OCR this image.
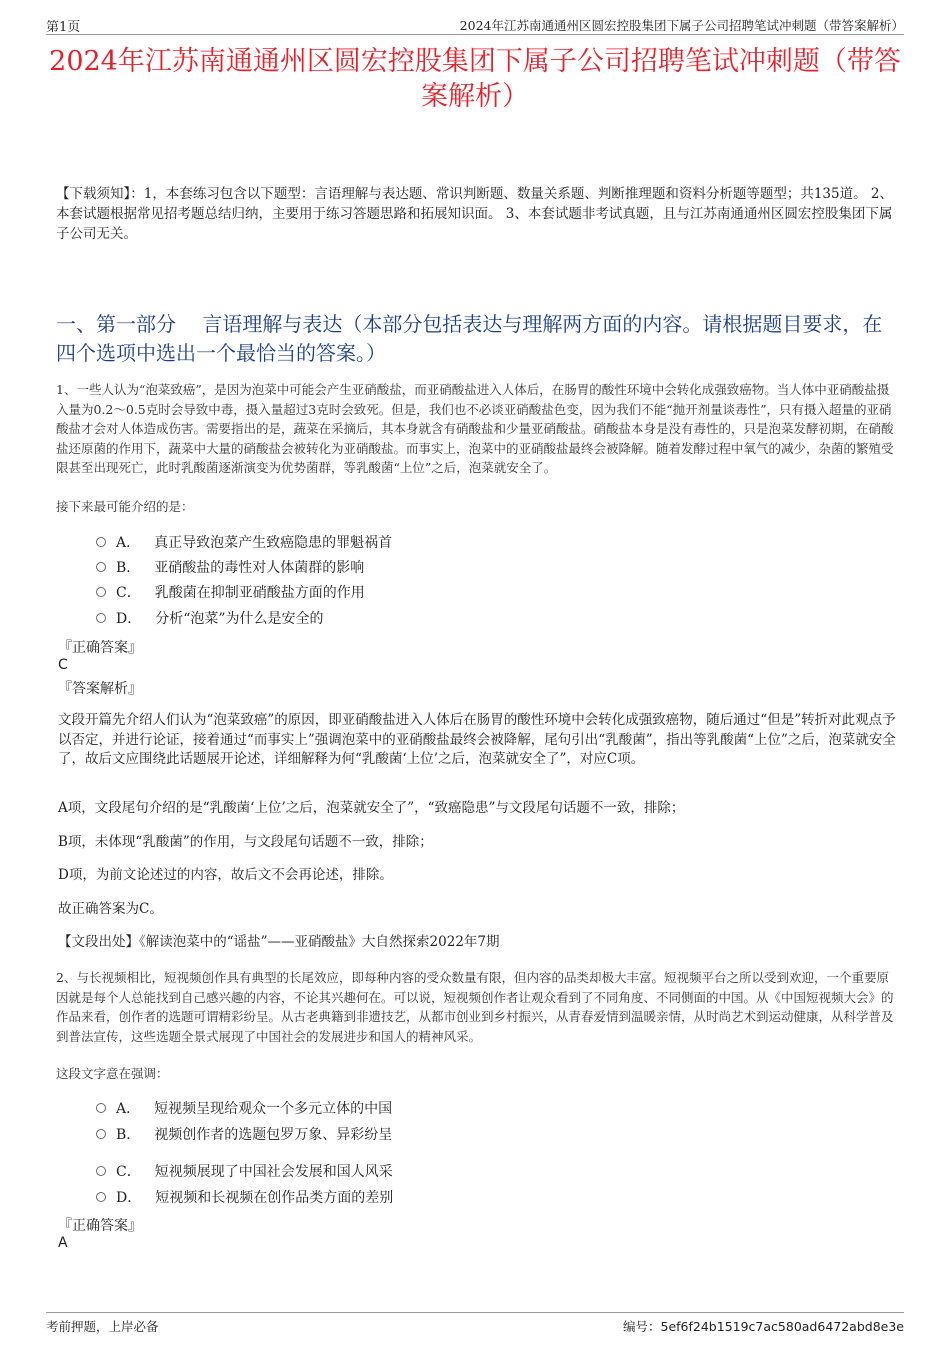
第1页	2024年江苏南通通州区圆宏控股集团下属子公司招聘笔试冲刺题（带答案解析）
2024年江苏南通通州区圆宏控股集团下属子公司招聘笔试冲刺题（带答案解析）
【下载须知】：1，本套练习包含以下题型：言语理解与表达题、常识判断题、数量关系题、判断推理题和资料分析题等题型；共135道。 2、本套试题根据常见招考题总结归纳，主要用于练习答题思路和拓展知识面。 3、本套试题非考试真题，且与江苏南通通州区圆宏控股集团下属子公司无关。
一、第一部分　 言语理解与表达（本部分包括表达与理解两方面的内容。请根据题目要求，在四个选项中选出一个最恰当的答案。）
1、一些人认为“泡菜致癌”，是因为泡菜中可能会产生亚硝酸盐，而亚硝酸盐进入人体后，在肠胃的酸性环境中会转化成强致癌物。当人体中亚硝酸盐摄入量为0.2～0.5克时会导致中毒，摄入量超过3克时会致死。但是，我们也不必谈亚硝酸盐色变，因为我们不能“抛开剂量谈毒性”，只有摄入超量的亚硝酸盐才会对人体造成伤害。需要指出的是，蔬菜在采摘后，其本身就含有硝酸盐和少量亚硝酸盐。硝酸盐本身是没有毒性的，只是泡菜发酵初期，在硝酸盐还原菌的作用下，蔬菜中大量的硝酸盐会被转化为亚硝酸盐。而事实上，泡菜中的亚硝酸盐最终会被降解。随着发酵过程中氧气的减少，杂菌的繁殖受限甚至出现死亡，此时乳酸菌逐渐演变为优势菌群，等乳酸菌“上位”之后，泡菜就安全了。
接下来最可能介绍的是：
A． 真正导致泡菜产生致癌隐患的罪魁祸首
B． 亚硝酸盐的毒性对人体菌群的影响
C． 乳酸菌在抑制亚硝酸盐方面的作用
D． 分析“泡菜”为什么是安全的
『正确答案』
C
『答案解析』
文段开篇先介绍人们认为“泡菜致癌”的原因，即亚硝酸盐进入人体后在肠胃的酸性环境中会转化成强致癌物，随后通过“但是”转折对此观点予以否定，并进行论证，接着通过“而事实上”强调泡菜中的亚硝酸盐最终会被降解，尾句引出“乳酸菌”，指出等乳酸菌“上位”之后，泡菜就安全了，故后文应围绕此话题展开论述，详细解释为何“乳酸菌‘上位’之后，泡菜就安全了”，对应C项。
A项，文段尾句介绍的是“乳酸菌‘上位’之后，泡菜就安全了”，“致癌隐患”与文段尾句话题不一致，排除；
B项，未体现“乳酸菌”的作用，与文段尾句话题不一致，排除；
D项，为前文论述过的内容，故后文不会再论述，排除。
故正确答案为C。
【文段出处】《解读泡菜中的“谣盐”——亚硝酸盐》大自然探索2022年7期
2、与长视频相比，短视频创作具有典型的长尾效应，即每种内容的受众数量有限，但内容的品类却极大丰富。短视频平台之所以受到欢迎，一个重要原因就是每个人总能找到自己感兴趣的内容，不论其兴趣何在。可以说，短视频创作者让观众看到了不同角度、不同侧面的中国。从《中国短视频大会》的作品来看，创作者的选题可谓精彩纷呈。从古老典籍到非遗技艺，从都市创业到乡村振兴，从青春爱情到温暖亲情，从时尚艺术到运动健康，从科学普及到普法宣传，这些选题全景式展现了中国社会的发展进步和国人的精神风采。
这段文字意在强调：
A． 短视频呈现给观众一个多元立体的中国
B． 视频创作者的选题包罗万象、异彩纷呈
C． 短视频展现了中国社会发展和国人风采
D． 短视频和长视频在创作品类方面的差别
『正确答案』
A
考前押题，上岸必备	编号：5ef6f24b1519c7ac580ad6472abd8e3e
